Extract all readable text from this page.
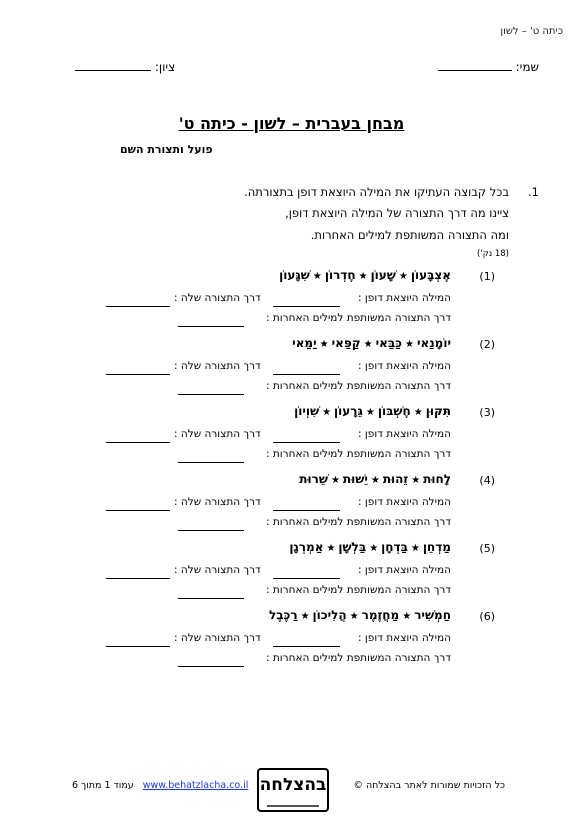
כיתה ט' – לשון
שמי:
ציון:
מבחן בעברית – לשון - כיתה ט'
פועל ותצורת השם
1.
בכל קבוצה העתיקו את המילה היוצאת דופן בתצורתה.
ציינו מה דרך התצורה של המילה היוצאת דופן,
ומה התצורה המשותפת למילים האחרות.
(18 נק')
(1)
אֶצְבָּעוֹן★שָׁעוֹן★חֶדְרוֹן★שִׁגָּעוֹן
המילה היוצאת דופן :
דרך התצורה שלה :
דרך התצורה המשותפת למילים האחרות :
(2)
יוֹמָנַאי★כַּבַּאי★קַפַּאי★יַמַּאי
המילה היוצאת דופן :
דרך התצורה שלה :
דרך התצורה המשותפת למילים האחרות :
(3)
תִּקּוּן★חֶשְׁבּוֹן★גֵּרָעוֹן★שִׁוְיוֹן
המילה היוצאת דופן :
דרך התצורה שלה :
דרך התצורה המשותפת למילים האחרות :
(4)
לָחוּת★זֵהוּת★יֵשׁוּת★שֵׁרוּת
המילה היוצאת דופן :
דרך התצורה שלה :
דרך התצורה המשותפת למילים האחרות :
(5)
מַדְחֵן★בַּדְחָן★בַּלְשָׁן★אַמְרְגָן
המילה היוצאת דופן :
דרך התצורה שלה :
דרך התצורה המשותפת למילים האחרות :
(6)
חַמְשִׁיר★מַחֲזֶמֶר★הֲלִיכוֹן★רַכֶּבֶל
המילה היוצאת דופן :
דרך התצורה שלה :
דרך התצורה המשותפת למילים האחרות :
כל הזכויות שמורות לאתר בהצלחה ©
בהצלחה
www.behatzlacha.co.il עמוד 1 מתוך 6
